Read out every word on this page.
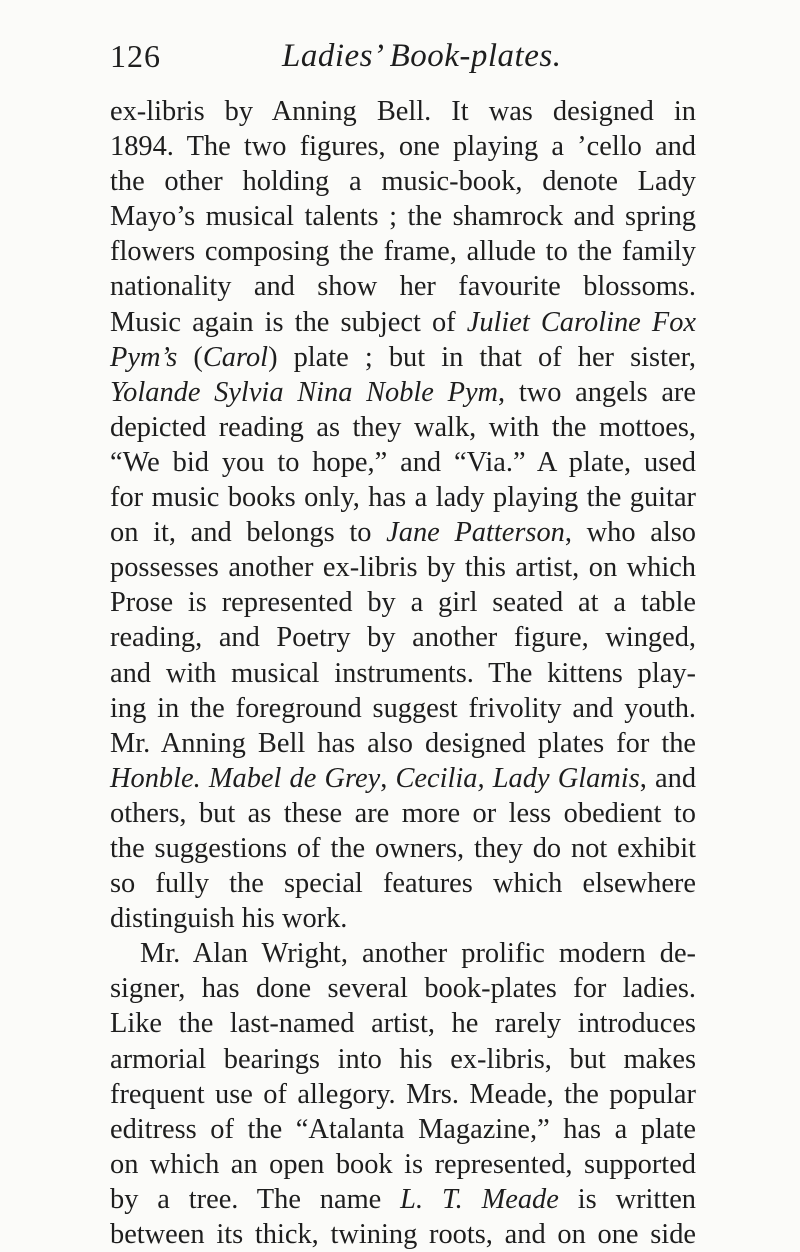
126	Ladies’ Book-plates.
ex-libris by Anning Bell. It was designed in
1894. The two figures, one playing a ’cello and
the other holding a music-book, denote Lady
Mayo’s musical talents ; the shamrock and spring
flowers composing the frame, allude to the family
nationality and show her favourite blossoms.
Music again is the subject of Juliet Caroline Fox
Pym’s (Carol) plate ; but in that of her sister,
Yolande Sylvia Nina Noble Pym, two angels are
depicted reading as they walk, with the mottoes,
“We bid you to hope,” and “Via.” A plate, used
for music books only, has a lady playing the guitar
on it, and belongs to Jane Patterson, who also
possesses another ex-libris by this artist, on which
Prose is represented by a girl seated at a table
reading, and Poetry by another figure, winged,
and with musical instruments. The kittens play-
ing in the foreground suggest frivolity and youth.
Mr. Anning Bell has also designed plates for the
Honble. Mabel de Grey, Cecilia, Lady Glamis, and
others, but as these are more or less obedient to
the suggestions of the owners, they do not exhibit
so fully the special features which elsewhere
distinguish his work.
Mr. Alan Wright, another prolific modern de-
signer, has done several book-plates for ladies.
Like the last-named artist, he rarely introduces
armorial bearings into his ex-libris, but makes
frequent use of allegory. Mrs. Meade, the popular
editress of the “Atalanta Magazine,” has a plate
on which an open book is represented, supported
by a tree. The name L. T. Meade is written
between its thick, twining roots, and on one side
